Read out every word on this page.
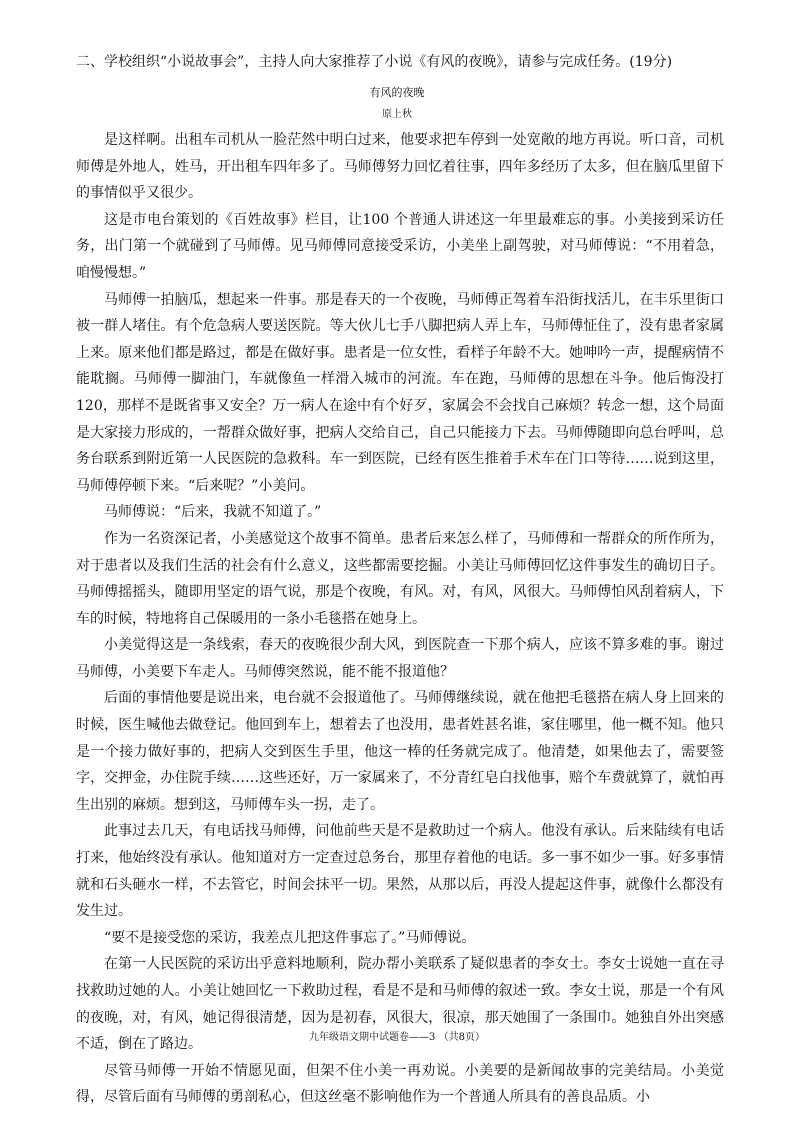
二、学校组织“小说故事会”，主持人向大家推荐了小说《有风的夜晚》，请参与完成任务。(19分)
有风的夜晚
原上秋

是这样啊。出租车司机从一脸茫然中明白过来，他要求把车停到一处宽敞的地方再说。听口音，司机师傅是外地人，姓马，开出租车四年多了。马师傅努力回忆着往事，四年多经历了太多，但在脑瓜里留下的事情似乎又很少。

这是市电台策划的《百姓故事》栏目，让100 个普通人讲述这一年里最难忘的事。小美接到采访任务，出门第一个就碰到了马师傅。见马师傅同意接受采访，小美坐上副驾驶，对马师傅说：“不用着急，咱慢慢想。”

马师傅一拍脑瓜，想起来一件事。那是春天的一个夜晚，马师傅正驾着车沿街找活儿，在丰乐里街口被一群人堵住。有个危急病人要送医院。等大伙儿七手八脚把病人弄上车，马师傅怔住了，没有患者家属上来。原来他们都是路过，都是在做好事。患者是一位女性，看样子年龄不大。她呻吟一声，提醒病情不能耽搁。马师傅一脚油门，车就像鱼一样滑入城市的河流。车在跑，马师傅的思想在斗争。他后悔没打120，那样不是既省事又安全？万一病人在途中有个好歹，家属会不会找自己麻烦？转念一想，这个局面是大家接力形成的，一帮群众做好事，把病人交给自己，自己只能接力下去。马师傅随即向总台呼叫，总务台联系到附近第一人民医院的急救科。车一到医院，已经有医生推着手术车在门口等待……说到这里，马师傅停顿下来。“后来呢？”小美问。

马师傅说：“后来，我就不知道了。”

作为一名资深记者，小美感觉这个故事不简单。患者后来怎么样了，马师傅和一帮群众的所作所为，对于患者以及我们生活的社会有什么意义，这些都需要挖掘。小美让马师傅回忆这件事发生的确切日子。马师傅摇摇头，随即用坚定的语气说，那是个夜晚，有风。对，有风，风很大。马师傅怕风刮着病人，下车的时候，特地将自己保暖用的一条小毛毯搭在她身上。

小美觉得这是一条线索，春天的夜晚很少刮大风，到医院查一下那个病人，应该不算多难的事。谢过马师傅，小美要下车走人。马师傅突然说，能不能不报道他？

后面的事情他要是说出来，电台就不会报道他了。马师傅继续说，就在他把毛毯搭在病人身上回来的时候，医生喊他去做登记。他回到车上，想着去了也没用，患者姓甚名谁，家住哪里，他一概不知。他只是一个接力做好事的，把病人交到医生手里，他这一棒的任务就完成了。他清楚，如果他去了，需要签字，交押金，办住院手续……这些还好，万一家属来了，不分青红皂白找他事，赔个车费就算了，就怕再生出别的麻烦。想到这，马师傅车头一拐，走了。

此事过去几天，有电话找马师傅，问他前些天是不是救助过一个病人。他没有承认。后来陆续有电话打来，他始终没有承认。他知道对方一定查过总务台，那里存着他的电话。多一事不如少一事。好多事情就和石头砸水一样，不去管它，时间会抹平一切。果然，从那以后，再没人提起这件事，就像什么都没有发生过。

“要不是接受您的采访，我差点儿把这件事忘了。”马师傅说。

在第一人民医院的采访出乎意料地顺利，院办帮小美联系了疑似患者的李女士。李女士说她一直在寻找救助过她的人。小美让她回忆一下救助过程，看是不是和马师傅的叙述一致。李女士说，那是一个有风的夜晚，对，有风，她记得很清楚，因为是初春，风很大，很凉，那天她围了一条围巾。她独自外出突感不适，倒在了路边。

尽管马师傅一开始不情愿见面，但架不住小美一再劝说。小美要的是新闻故事的完美结局。小美觉得，尽管后面有马师傅的勇剖私心，但这丝毫不影响他作为一个普通人所具有的善良品质。小

九年级语文期中试题卷——3 （共8页）
